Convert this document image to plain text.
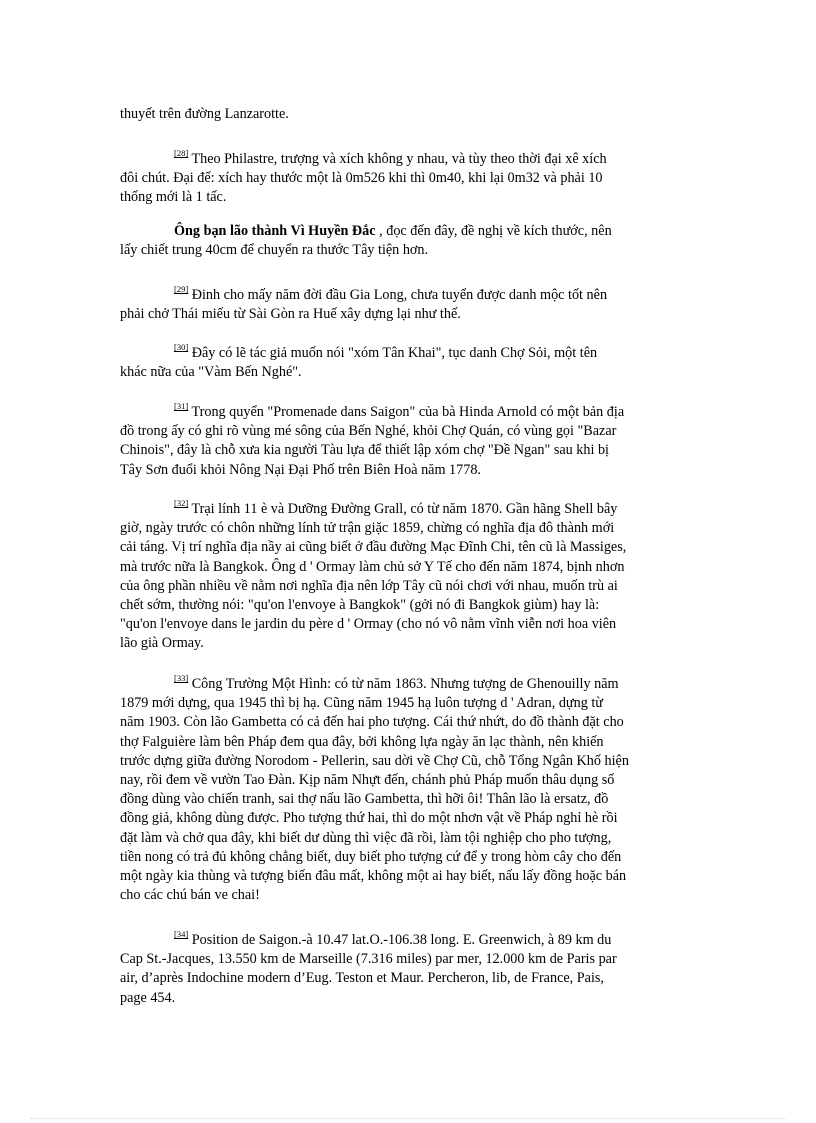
thuyết trên đường Lanzarotte.
[28] Theo Philastre, trượng và xích không y nhau, và tùy theo thời đại xê xích
đôi chút. Đại để: xích hay thước một là 0m526 khi thì 0m40, khi lại 0m32 và phải 10
thống mới là 1 tấc.
Ông bạn lão thành Vì Huyền Đắc , đọc đến đây, đề nghị về kích thước, nên
lấy chiết trung 40cm để chuyển ra thước Tây tiện hơn.
[29] Đinh cho mấy năm đời đầu Gia Long, chưa tuyển được danh mộc tốt nên
phải chở Thái miếu từ Sài Gòn ra Huế xây dựng lại như thế.
[30] Đây có lẽ tác giả muốn nói "xóm Tân Khai", tục danh Chợ Sỏi, một tên
khác nữa của "Vàm Bến Nghé".
[31] Trong quyển "Promenade dans Saigon" của bà Hinda Arnold có một bản địa
đồ trong ấy có ghi rõ vùng mé sông của Bến Nghé, khỏi Chợ Quán, có vùng gọi "Bazar
Chinois", đây là chỗ xưa kia người Tàu lựa để thiết lập xóm chợ "Đề Ngan" sau khi bị
Tây Sơn đuổi khỏi Nông Nại Đại Phố trên Biên Hoà năm 1778.
[32] Trại lính 11 è và Dưỡng Đường Grall, có từ năm 1870. Gần hãng Shell bây
giờ, ngày trước có chôn những lính tử trận giặc 1859, chừng có nghĩa địa đô thành mới
cải táng. Vị trí nghĩa địa nầy ai cũng biết ở đầu đường Mạc Đĩnh Chi, tên cũ là Massiges,
mà trước nữa là Bangkok. Ông d ' Ormay làm chủ sở Y Tế cho đến năm 1874, bịnh nhơn
của ông phần nhiều về nằm nơi nghĩa địa nên lớp Tây cũ nói chơi với nhau, muốn trù ai
chết sớm, thường nói: "qu'on l'envoye à Bangkok" (gởi nó đi Bangkok giùm) hay là:
"qu'on l'envoye dans le jardin du père d ' Ormay (cho nó vô nằm vĩnh viễn nơi hoa viên
lão già Ormay.
[33] Công Trường Một Hình: có từ năm 1863. Nhưng tượng de Ghenouilly năm
1879 mới dựng, qua 1945 thì bị hạ. Cũng năm 1945 hạ luôn tượng d ' Adran, dựng từ
năm 1903. Còn lão Gambetta có cả đến hai pho tượng. Cái thứ nhứt, do đồ thành đặt cho
thợ Falguière làm bên Pháp đem qua đây, bởi không lựa ngày ăn lạc thành, nên khiến
trước dựng giữa đường Norodom - Pellerin, sau dời về Chợ Cũ, chỗ Tổng Ngân Khố hiện
nay, rồi đem về vườn Tao Đàn. Kịp năm Nhựt đến, chánh phủ Pháp muốn thâu dụng số
đồng dùng vào chiến tranh, sai thợ nấu lão Gambetta, thì hỡi ôi! Thân lão là ersatz, đồ
đồng giả, không dùng được. Pho tượng thứ hai, thì do một nhơn vật về Pháp nghỉ hè rồi
đặt làm và chở qua đây, khi biết dư dùng thì việc đã rồi, làm tội nghiệp cho pho tượng,
tiền nong có trả đủ không chẳng biết, duy biết pho tượng cứ để y trong hòm cây cho đến
một ngày kia thùng và tượng biến đâu mất, không một ai hay biết, nấu lấy đồng hoặc bán
cho các chú bán ve chai!
[34] Position de Saigon.-à 10.47 lat.O.-106.38 long. E. Greenwich, à 89 km du
Cap St.-Jacques, 13.550 km de Marseille (7.316 miles) par mer, 12.000 km de Paris par
air, d’après Indochine modern d’Eug. Teston et Maur. Percheron, lib, de France, Pais,
page 454.
